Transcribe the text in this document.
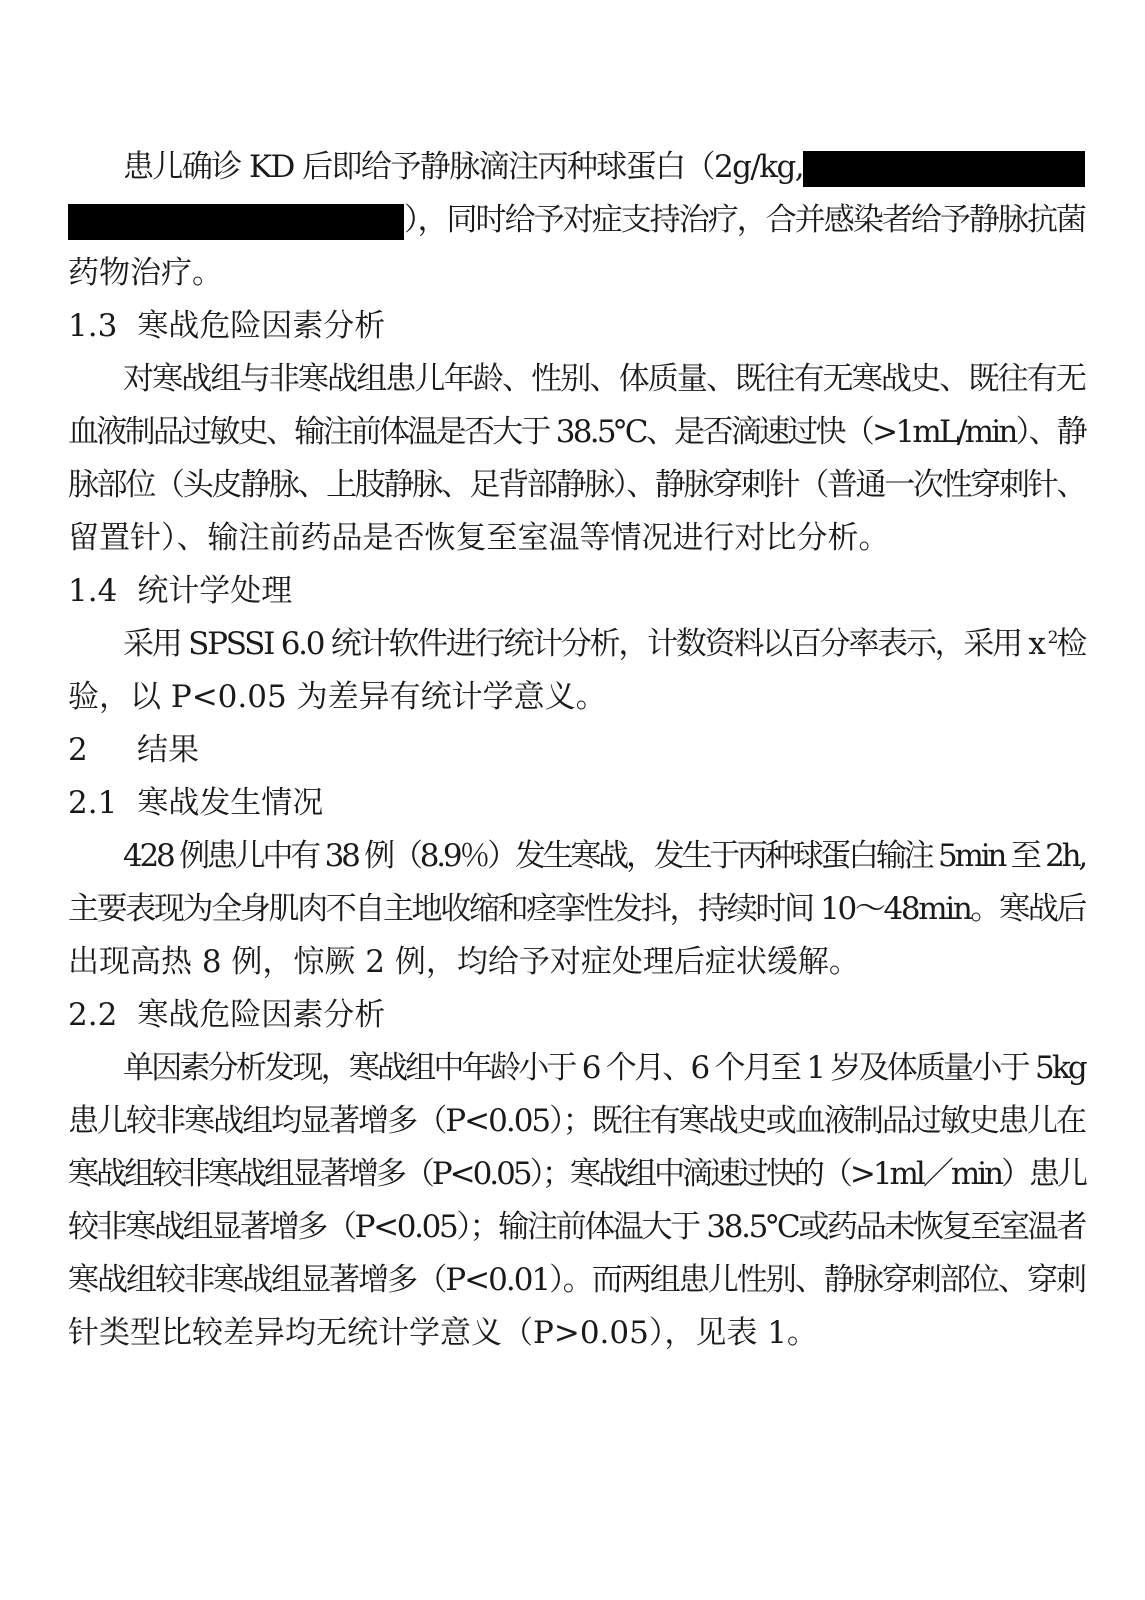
患儿确诊 KD 后即给予静脉滴注丙种球蛋白（2g/kg,
），同时给予对症支持治疗，合并感染者给予静脉抗菌
药物治疗。
1.3 寒战危险因素分析
对寒战组与非寒战组患儿年龄、性别、体质量、既往有无寒战史、既往有无
血液制品过敏史、输注前体温是否大于 38.5℃、是否滴速过快（>1mL/min）、静
脉部位（头皮静脉、上肢静脉、足背部静脉）、静脉穿刺针（普通一次性穿刺针、
留置针）、输注前药品是否恢复至室温等情况进行对比分析。
1.4 统计学处理
采用 SPSSI 6.0 统计软件进行统计分析，计数资料以百分率表示，采用 x $^2$检
验，以 P<0.05 为差异有统计学意义。
2 结果
2.1 寒战发生情况
428 例患儿中有 38 例（8.9％）发生寒战，发生于丙种球蛋白输注 5min 至 2h,
主要表现为全身肌肉不自主地收缩和痉挛性发抖，持续时间 10～48min。寒战后
出现高热 8 例，惊厥 2 例，均给予对症处理后症状缓解。
2.2 寒战危险因素分析
单因素分析发现，寒战组中年龄小于 6 个月、6 个月至 1 岁及体质量小于 5kg
患儿较非寒战组均显著增多（P<0.05）；既往有寒战史或血液制品过敏史患儿在
寒战组较非寒战组显著增多（P<0.05）；寒战组中滴速过快的（>1ml／min）患儿
较非寒战组显著增多（P<0.05）；输注前体温大于 38.5℃或药品未恢复至室温者
寒战组较非寒战组显著增多（P<0.01）。而两组患儿性别、静脉穿刺部位、穿刺
针类型比较差异均无统计学意义（P>0.05），见表 1。
